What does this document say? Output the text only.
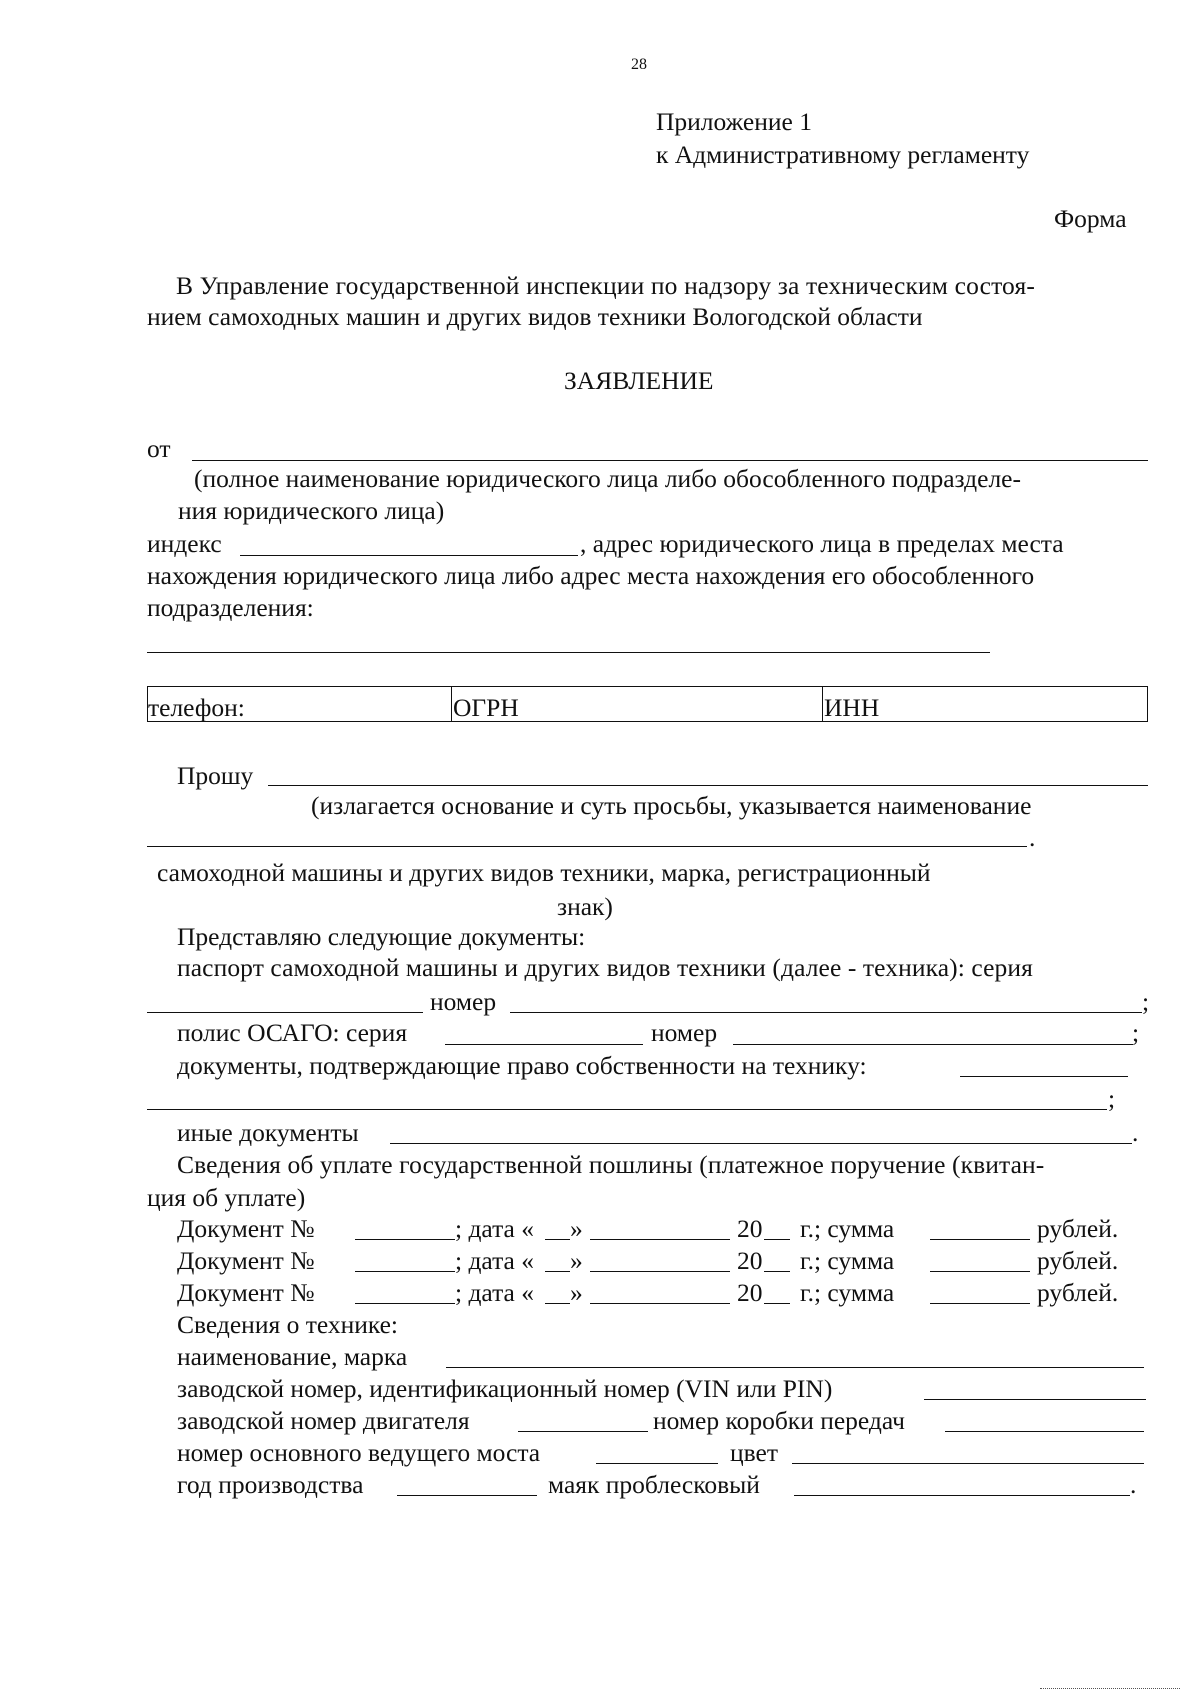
28
Приложение 1
к Административному регламенту
Форма
В Управление государственной инспекции по надзору за техническим состоя-
нием самоходных машин и других видов техники Вологодской области
ЗАЯВЛЕНИЕ
от
(полное наименование юридического лица либо обособленного подразделе-
ния юридического лица)
индекс	, адрес юридического лица в пределах места
нахождения юридического лица либо адрес места нахождения его обособленного
подразделения:
телефон:	ОГРН	ИНН
Прошу
(излагается основание и суть просьбы, указывается наименование
.
самоходной машины и других видов техники, марка, регистрационный
знак)
Представляю следующие документы:
паспорт самоходной машины и других видов техники (далее - техника): серия
номер	;
полис ОСАГО: серия	номер	;
документы, подтверждающие право собственности на технику:
;
иные документы	.
Сведения об уплате государственной пошлины (платежное поручение (квитан-
ция об уплате)
Документ №	; дата « »	20 г.; сумма	рублей.
Документ №	; дата « »	20 г.; сумма	рублей.
Документ №	; дата « »	20 г.; сумма	рублей.
Сведения о технике:
наименование, марка
заводской номер, идентификационный номер (VIN или PIN)
заводской номер двигателя	номер коробки передач
номер основного ведущего моста	цвет
год производства	маяк проблесковый	.
